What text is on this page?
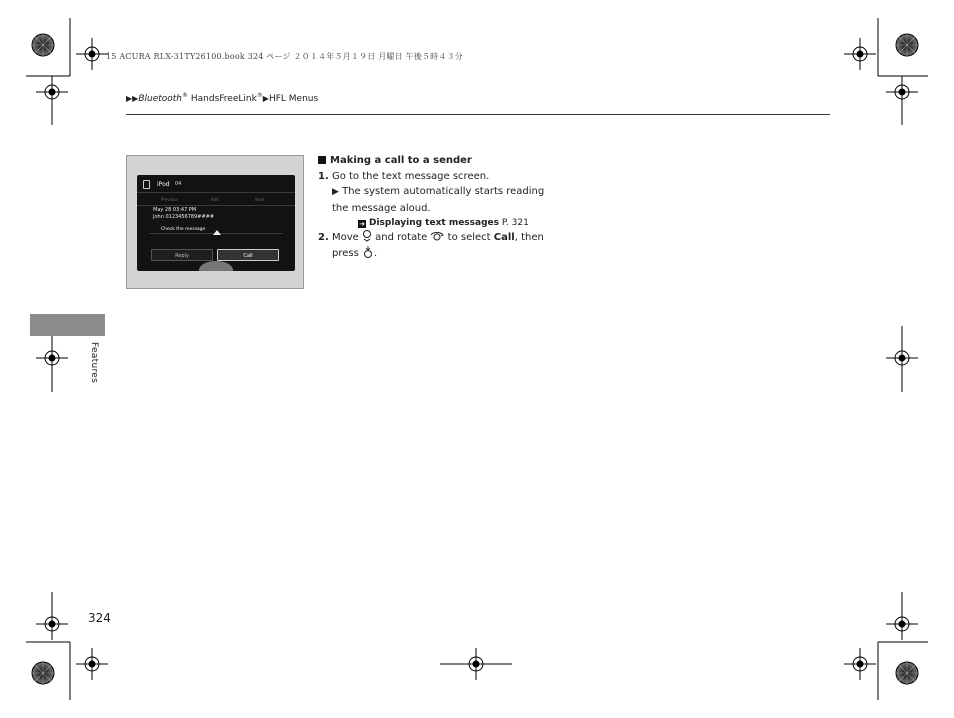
15 ACURA RLX-31TY26100.book 324 ページ ２０１４年５月１９日 月曜日 午後５時４３分
▶▶Bluetooth® HandsFreeLink®▶HFL Menus
iPod 04
Previous	Edit	Next
May 28 03:47 PM
John 0123456789####
Check the message
Reply	Call
Making a call to a sender
1. Go to the text message screen.
▶ The system automatically starts reading the message aloud.
➔ Displaying text messages P. 321
2. Move and rotate to select Call, then press .
Features
324
